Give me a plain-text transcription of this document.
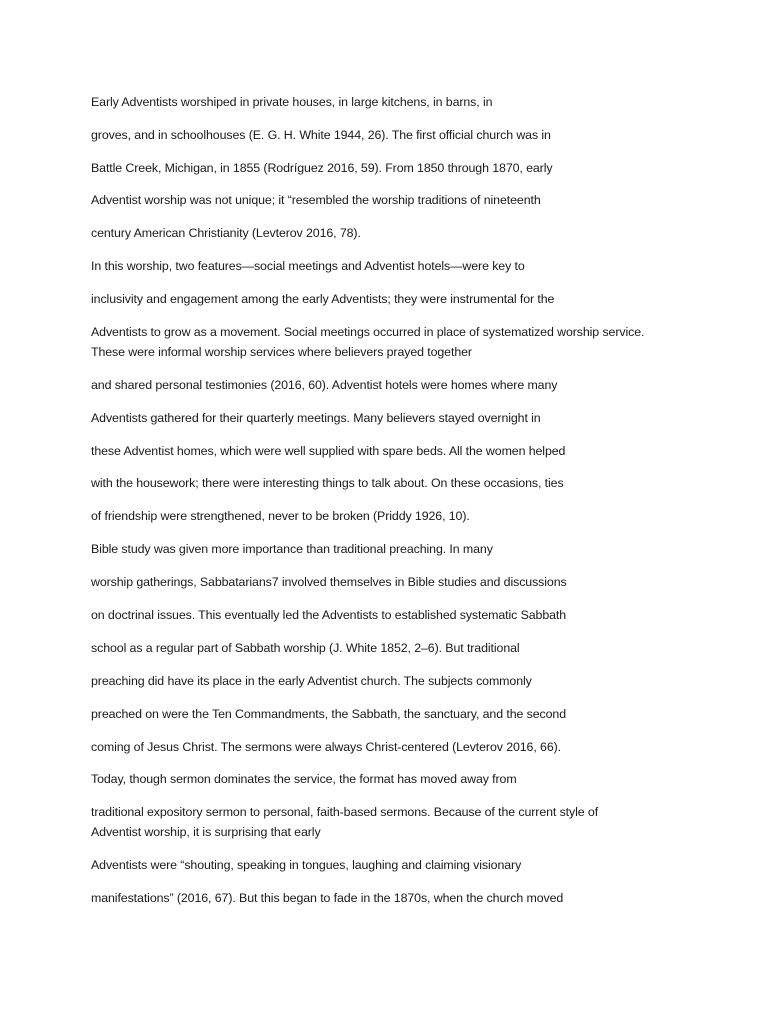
Early Adventists worshiped in private houses, in large kitchens, in barns, in

groves, and in schoolhouses (E. G. H. White 1944, 26). The first official church was in

Battle Creek, Michigan, in 1855 (Rodríguez 2016, 59). From 1850 through 1870, early

Adventist worship was not unique; it “resembled the worship traditions of nineteenth

century American Christianity (Levterov 2016, 78).

In this worship, two features—social meetings and Adventist hotels—were key to

inclusivity and engagement among the early Adventists; they were instrumental for the

Adventists to grow as a movement. Social meetings occurred in place of systematized worship service.

These were informal worship services where believers prayed together

and shared personal testimonies (2016, 60). Adventist hotels were homes where many

Adventists gathered for their quarterly meetings. Many believers stayed overnight in

these Adventist homes, which were well supplied with spare beds. All the women helped

with the housework; there were interesting things to talk about. On these occasions, ties

of friendship were strengthened, never to be broken (Priddy 1926, 10).

Bible study was given more importance than traditional preaching. In many

worship gatherings, Sabbatarians7 involved themselves in Bible studies and discussions

on doctrinal issues. This eventually led the Adventists to established systematic Sabbath

school as a regular part of Sabbath worship (J. White 1852, 2–6). But traditional

preaching did have its place in the early Adventist church. The subjects commonly

preached on were the Ten Commandments, the Sabbath, the sanctuary, and the second

coming of Jesus Christ. The sermons were always Christ-centered (Levterov 2016, 66).

Today, though sermon dominates the service, the format has moved away from

traditional expository sermon to personal, faith-based sermons. Because of the current style of

Adventist worship, it is surprising that early

Adventists were “shouting, speaking in tongues, laughing and claiming visionary

manifestations” (2016, 67). But this began to fade in the 1870s, when the church moved
